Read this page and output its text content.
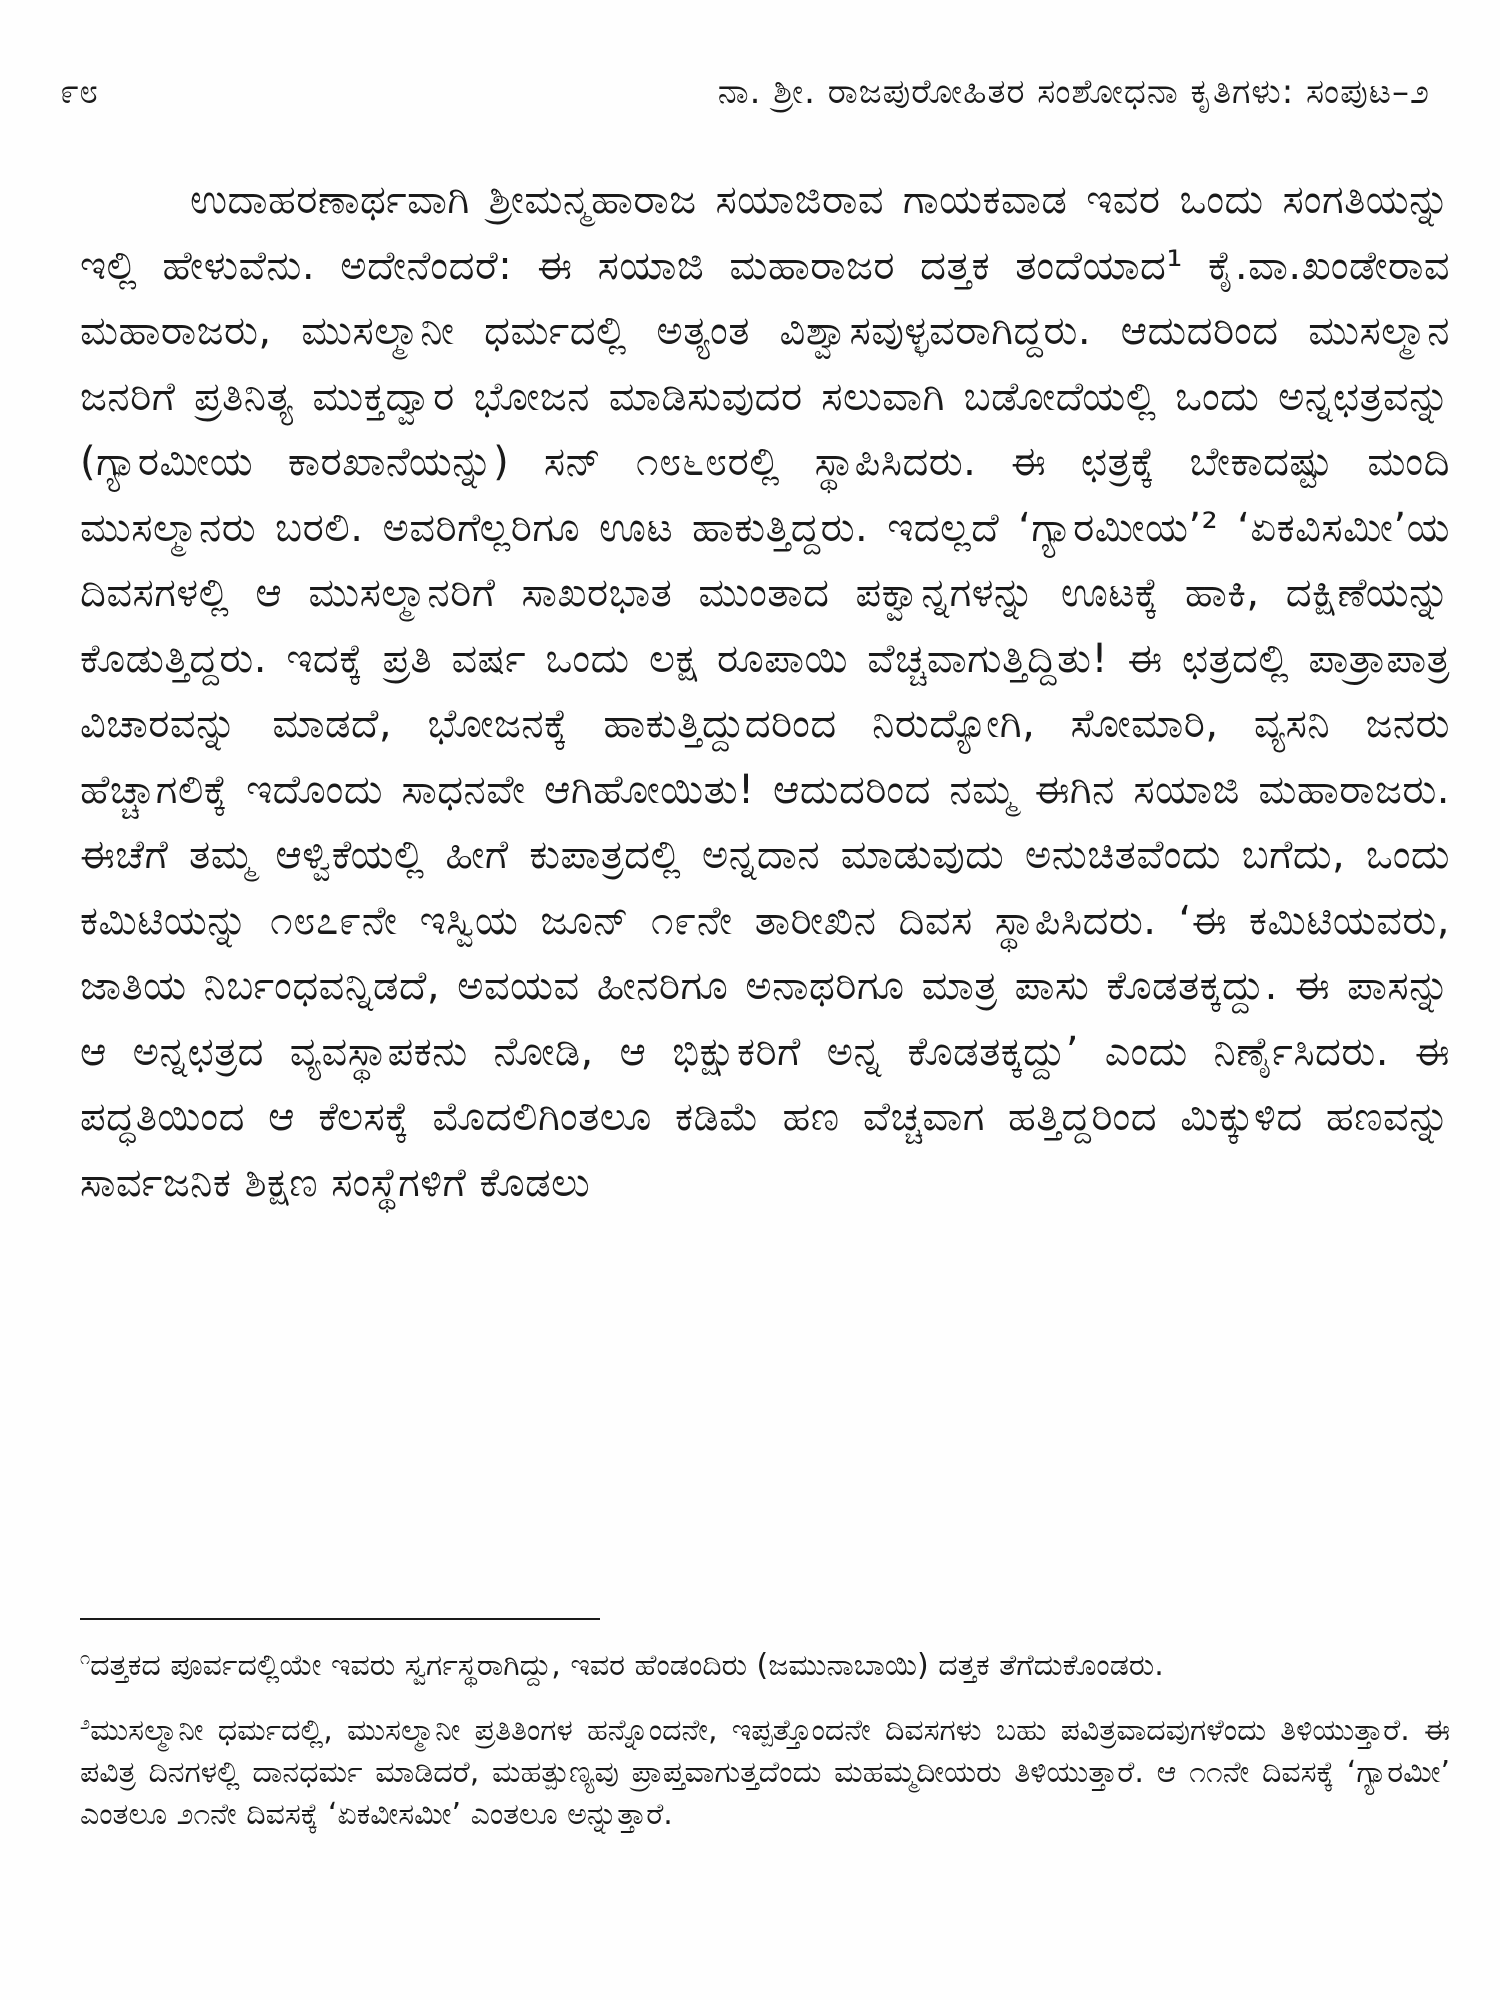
೯೮	ನಾ. ಶ್ರೀ. ರಾಜಪುರೋಹಿತರ ಸಂಶೋಧನಾ ಕೃತಿಗಳು: ಸಂಪುಟ–೨

ಉದಾಹರಣಾರ್ಥವಾಗಿ ಶ್ರೀಮನ್ಮಹಾರಾಜ ಸಯಾಜಿರಾವ ಗಾಯಕವಾಡ ಇವರ ಒಂದು ಸಂಗತಿಯನ್ನು ಇಲ್ಲಿ ಹೇಳುವೆನು. ಅದೇನೆಂದರೆ: ಈ ಸಯಾಜಿ ಮಹಾರಾಜರ ದತ್ತಕ ತಂದೆಯಾದ¹ ಕೈ.ವಾ.ಖಂಡೇರಾವ ಮಹಾರಾಜರು, ಮುಸಲ್ಮಾನೀ ಧರ್ಮದಲ್ಲಿ ಅತ್ಯಂತ ವಿಶ್ವಾಸವುಳ್ಳವರಾಗಿದ್ದರು. ಆದುದರಿಂದ ಮುಸಲ್ಮಾನ ಜನರಿಗೆ ಪ್ರತಿನಿತ್ಯ ಮುಕ್ತದ್ವಾರ ಭೋಜನ ಮಾಡಿಸುವುದರ ಸಲುವಾಗಿ ಬಡೋದೆಯಲ್ಲಿ ಒಂದು ಅನ್ನಛತ್ರವನ್ನು (ಗ್ಯಾರಮೀಯ ಕಾರಖಾನೆಯನ್ನು) ಸನ್ ೧೮೬೮ರಲ್ಲಿ ಸ್ಥಾಪಿಸಿದರು. ಈ ಛತ್ರಕ್ಕೆ ಬೇಕಾದಷ್ಟು ಮಂದಿ ಮುಸಲ್ಮಾನರು ಬರಲಿ. ಅವರಿಗೆಲ್ಲರಿಗೂ ಊಟ ಹಾಕುತ್ತಿದ್ದರು. ಇದಲ್ಲದೆ ‘ಗ್ಯಾರಮೀಯ’² ‘ಏಕವಿಸಮೀ’ಯ ದಿವಸಗಳಲ್ಲಿ ಆ ಮುಸಲ್ಮಾನರಿಗೆ ಸಾಖರಭಾತ ಮುಂತಾದ ಪಕ್ವಾನ್ನಗಳನ್ನು ಊಟಕ್ಕೆ ಹಾಕಿ, ದಕ್ಷಿಣೆಯನ್ನು ಕೊಡುತ್ತಿದ್ದರು. ಇದಕ್ಕೆ ಪ್ರತಿ ವರ್ಷ ಒಂದು ಲಕ್ಷ ರೂಪಾಯಿ ವೆಚ್ಚವಾಗುತ್ತಿದ್ದಿತು! ಈ ಛತ್ರದಲ್ಲಿ ಪಾತ್ರಾಪಾತ್ರ ವಿಚಾರವನ್ನು ಮಾಡದೆ, ಭೋಜನಕ್ಕೆ ಹಾಕುತ್ತಿದ್ದುದರಿಂದ ನಿರುದ್ಯೋಗಿ, ಸೋಮಾರಿ, ವ್ಯಸನಿ ಜನರು ಹೆಚ್ಚಾಗಲಿಕ್ಕೆ ಇದೊಂದು ಸಾಧನವೇ ಆಗಿಹೋಯಿತು! ಆದುದರಿಂದ ನಮ್ಮ ಈಗಿನ ಸಯಾಜಿ ಮಹಾರಾಜರು. ಈಚೆಗೆ ತಮ್ಮ ಆಳ್ವಿಕೆಯಲ್ಲಿ ಹೀಗೆ ಕುಪಾತ್ರದಲ್ಲಿ ಅನ್ನದಾನ ಮಾಡುವುದು ಅನುಚಿತವೆಂದು ಬಗೆದು, ಒಂದು ಕಮಿಟಿಯನ್ನು ೧೮೭೯ನೇ ಇಸ್ವಿಯ ಜೂನ್ ೧೯ನೇ ತಾರೀಖಿನ ದಿವಸ ಸ್ಥಾಪಿಸಿದರು. ‘ಈ ಕಮಿಟಿಯವರು, ಜಾತಿಯ ನಿರ್ಬಂಧವನ್ನಿಡದೆ, ಅವಯವ ಹೀನರಿಗೂ ಅನಾಥರಿಗೂ ಮಾತ್ರ ಪಾಸು ಕೊಡತಕ್ಕದ್ದು. ಈ ಪಾಸನ್ನು ಆ ಅನ್ನಛತ್ರದ ವ್ಯವಸ್ಥಾಪಕನು ನೋಡಿ, ಆ ಭಿಕ್ಷುಕರಿಗೆ ಅನ್ನ ಕೊಡತಕ್ಕದ್ದು’ ಎಂದು ನಿರ್ಣೈಸಿದರು. ಈ ಪದ್ಧತಿಯಿಂದ ಆ ಕೆಲಸಕ್ಕೆ ಮೊದಲಿಗಿಂತಲೂ ಕಡಿಮೆ ಹಣ ವೆಚ್ಚವಾಗ ಹತ್ತಿದ್ದರಿಂದ ಮಿಕ್ಕುಳಿದ ಹಣವನ್ನು ಸಾರ್ವಜನಿಕ ಶಿಕ್ಷಣ ಸಂಸ್ಥೆಗಳಿಗೆ ಕೊಡಲು

$^೧$ದತ್ತಕದ ಪೂರ್ವದಲ್ಲಿಯೇ ಇವರು ಸ್ವರ್ಗಸ್ಥರಾಗಿದ್ದು, ಇವರ ಹೆಂಡಂದಿರು (ಜಮುನಾಬಾಯಿ) ದತ್ತಕ ತೆಗೆದುಕೊಂಡರು.
$^೨$ಮುಸಲ್ಮಾನೀ ಧರ್ಮದಲ್ಲಿ, ಮುಸಲ್ಮಾನೀ ಪ್ರತಿತಿಂಗಳ ಹನ್ನೊಂದನೇ, ಇಪ್ಪತ್ತೊಂದನೇ ದಿವಸಗಳು ಬಹು ಪವಿತ್ರವಾದವುಗಳೆಂದು ತಿಳಿಯುತ್ತಾರೆ. ಈ ಪವಿತ್ರ ದಿನಗಳಲ್ಲಿ ದಾನಧರ್ಮ ಮಾಡಿದರೆ, ಮಹತ್ಪುಣ್ಯವು ಪ್ರಾಪ್ತವಾಗುತ್ತದೆಂದು ಮಹಮ್ಮದೀಯರು ತಿಳಿಯುತ್ತಾರೆ. ಆ ೧೧ನೇ ದಿವಸಕ್ಕೆ ‘ಗ್ಯಾರಮೀ’ ಎಂತಲೂ ೨೧ನೇ ದಿವಸಕ್ಕೆ ‘ಏಕವೀಸಮೀ’ ಎಂತಲೂ ಅನ್ನುತ್ತಾರೆ.
